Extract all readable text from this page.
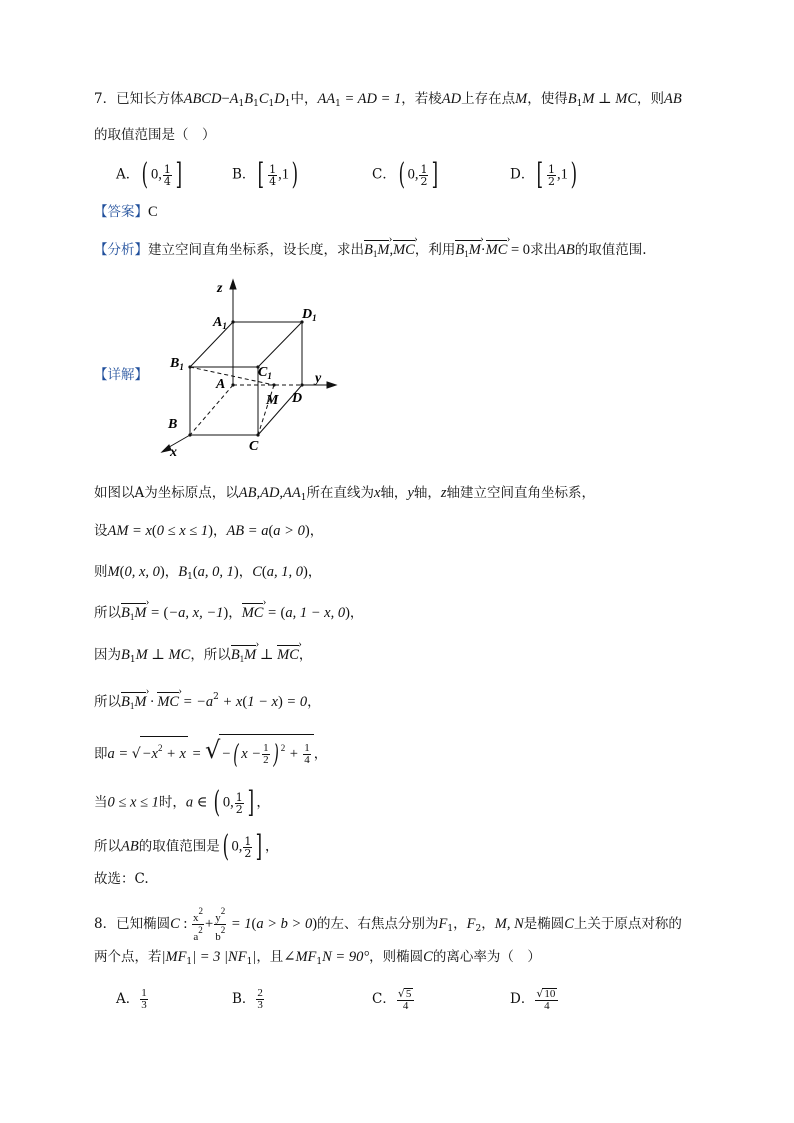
7．已知长方体$ABCD-A_1B_1C_1D_1$中，$AA_1$ = AD = 1，若棱AD上存在点M，使得$B_1M$ ⊥ MC，则AB
的取值范围是（　）
A．( 0, $\frac{1}{4}$ ]	B．[ $\frac{1}{4} ,1$)	C．( 0, $\frac{1}{2}$ ]	D．[ $\frac{1}{2} ,1$)
【答案】C
【分析】建立空间直角坐标系，设长度，求出$B_1M$ ›,MC ›，利用$B_1M$ ›·MC › = 0求出AB的取值范围.
【详解】
z
$A_1$
$D_1$
$B_1$	$C_1$
A	y
M D
B
C
x
如图以A为坐标原点，以$AB,AD,AA_1$所在直线为x轴，y轴，z轴建立空间直角坐标系，
设AM = x(0 ≤ x ≤ 1)，AB = a(a > 0)，
则M(0, x, 0)，$B_1(a$, 0, 1)，C(a, 1, 0)，
所以$B_1M$ › = (−a, x, −1)，MC › = (a, 1 − x, 0)，
因为$B_1M$ ⊥ MC，所以$B_1M$ › ⊥ MC ›，
所以$B_1M$ › · MC › = $-a^2 + x(1 - x) = 0$，
即$a = √-x^2 + x$ = √−( $x - \frac{1}{2}$ ) $^2 + \frac{1}{4}$ ，
当0 ≤ x ≤ 1时，a ∈ ( 0, $\frac{1}{2}$ ] ，
所以AB的取值范围是( 0, $\frac{1}{2}$ ] ，
故选：C.
8．已知椭圆C : $\frac{x^2}{a^2} + \frac{y^2}{b^2} = 1(a > b > 0)$的左、右焦点分别为$F_1$，$F_2$，M, N是椭圆C上关于原点对称的
两个点，若$|MF_1| = 3$ $|NF_1|$，且$\angle MF_1N = 90^\circ$，则椭圆C的离心率为（　）
A． $\frac{1}{3}$	B． $\frac{2}{3}$	C． $\frac{√5}{4}$	D． $\frac{√10}{4}$
